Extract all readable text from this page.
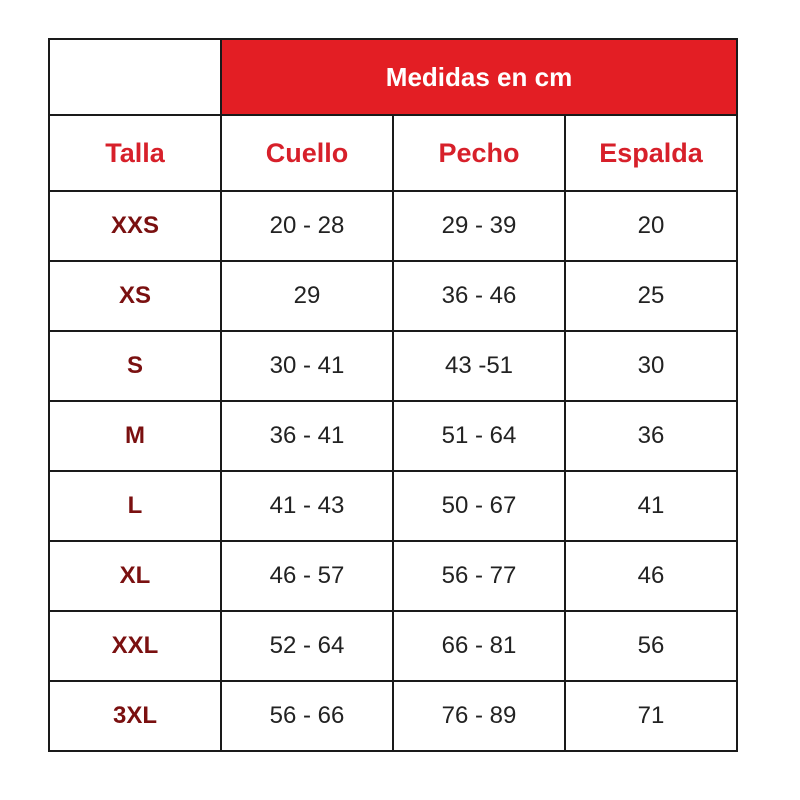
	Medidas en cm		
Talla	Cuello	Pecho	Espalda
XXS	20 - 28	29 - 39	20
XS	29	36 - 46	25
S	30 - 41	43 -51	30
M	36 - 41	51 - 64	36
L	41 - 43	50 - 67	41
XL	46 - 57	56 - 77	46
XXL	52 - 64	66 - 81	56
3XL	56 - 66	76 - 89	71
